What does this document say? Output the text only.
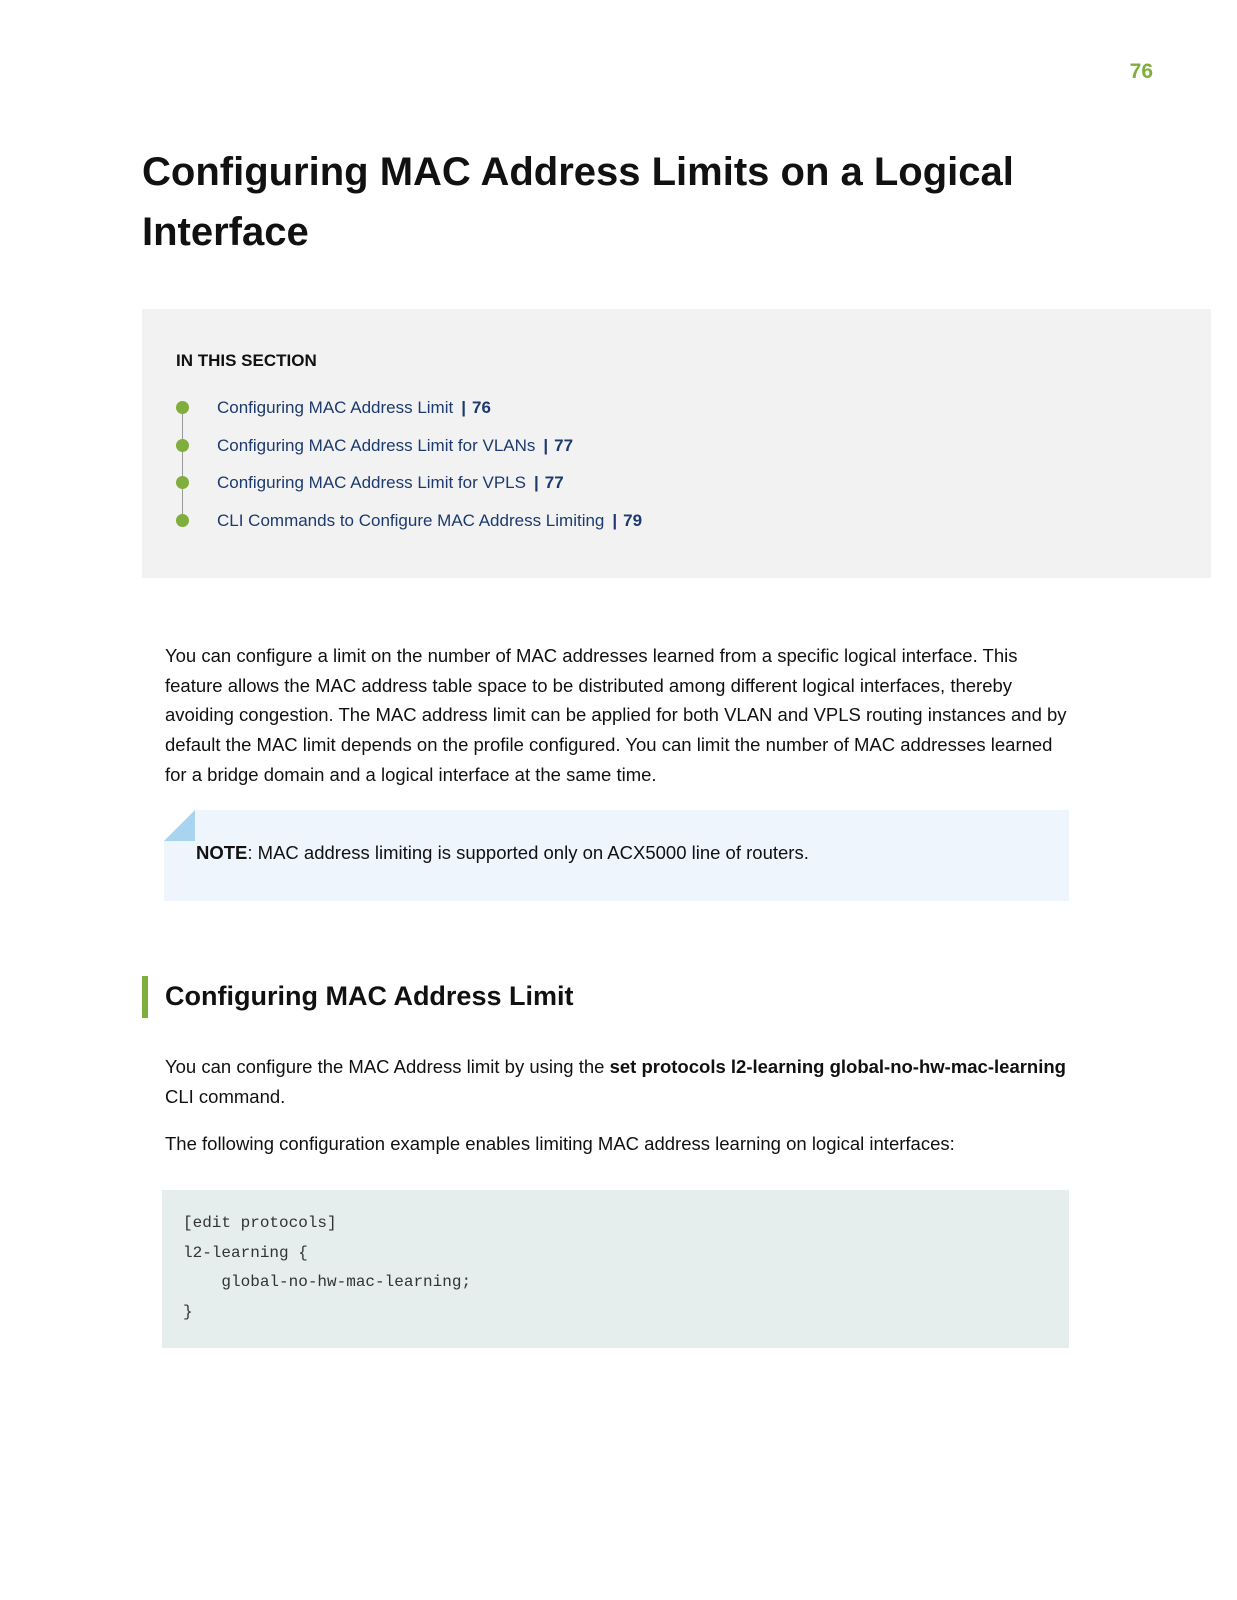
76
Configuring MAC Address Limits on a Logical Interface
IN THIS SECTION
Configuring MAC Address Limit | 76
Configuring MAC Address Limit for VLANs | 77
Configuring MAC Address Limit for VPLS | 77
CLI Commands to Configure MAC Address Limiting | 79

You can configure a limit on the number of MAC addresses learned from a specific logical interface. This feature allows the MAC address table space to be distributed among different logical interfaces, thereby avoiding congestion. The MAC address limit can be applied for both VLAN and VPLS routing instances and by default the MAC limit depends on the profile configured. You can limit the number of MAC addresses learned for a bridge domain and a logical interface at the same time.

NOTE: MAC address limiting is supported only on ACX5000 line of routers.
Configuring MAC Address Limit

You can configure the MAC Address limit by using the set protocols l2-learning global-no-hw-mac-learning CLI command.

The following configuration example enables limiting MAC address learning on logical interfaces:

[edit protocols]
l2-learning {
global-no-hw-mac-learning;
}
